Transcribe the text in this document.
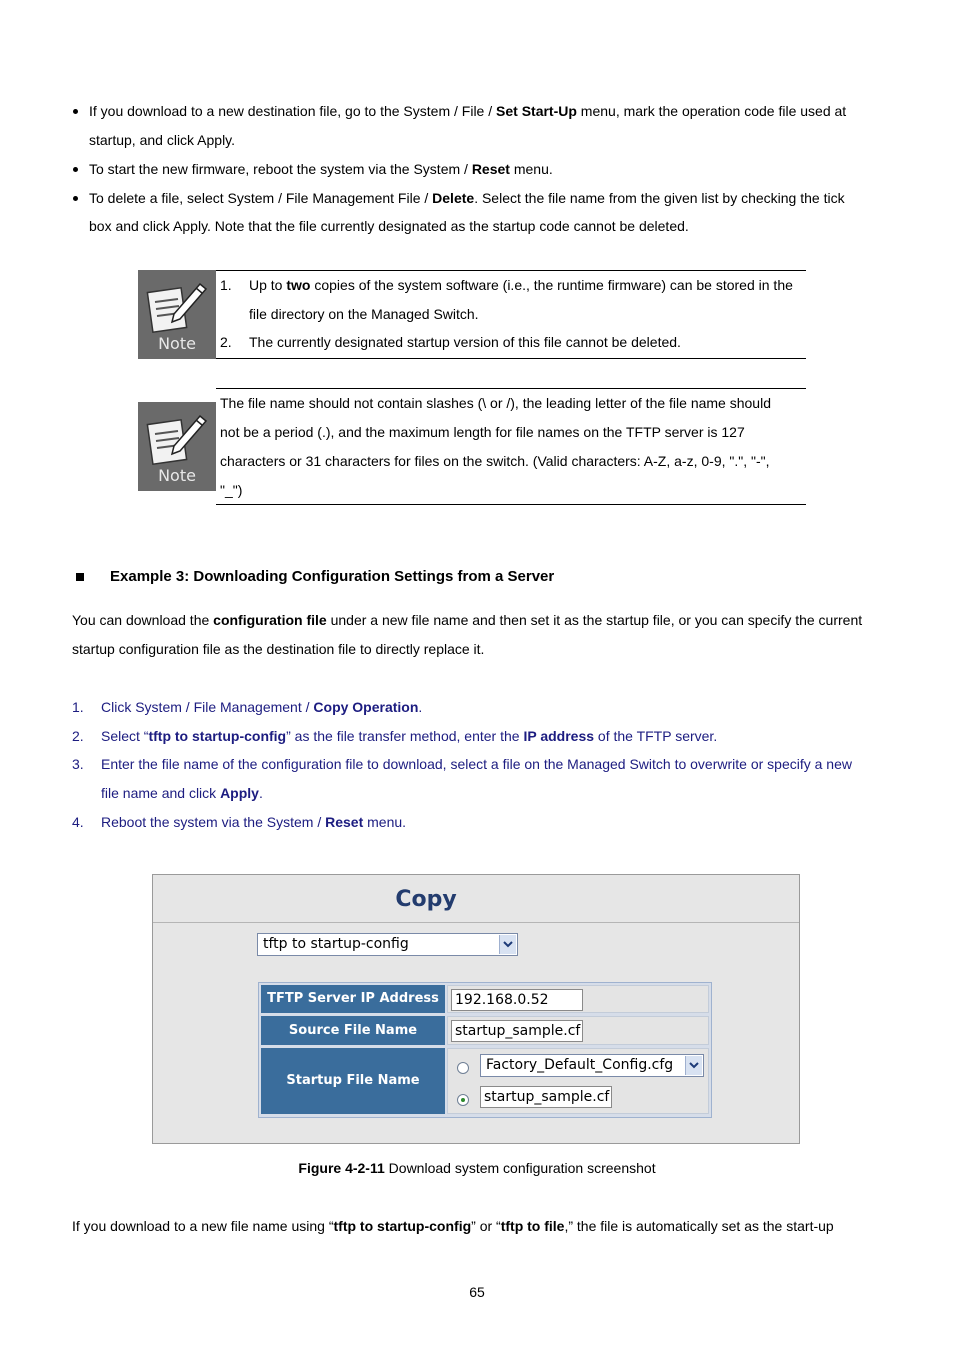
If you download to a new destination file, go to the System / File / Set Start-Up menu, mark the operation code file used at
startup, and click Apply.
To start the new firmware, reboot the system via the System / Reset menu.
To delete a file, select System / File Management File / Delete. Select the file name from the given list by checking the tick
box and click Apply. Note that the file currently designated as the startup code cannot be deleted.
Note
1. Up to two copies of the system software (i.e., the runtime firmware) can be stored in the
file directory on the Managed Switch.
2. The currently designated startup version of this file cannot be deleted.
Note
The file name should not contain slashes (\ or /), the leading letter of the file name should
not be a period (.), and the maximum length for file names on the TFTP server is 127
characters or 31 characters for files on the switch. (Valid characters: A-Z, a-z, 0-9, ".", "-",
"_")
Example 3: Downloading Configuration Settings from a Server
You can download the configuration file under a new file name and then set it as the startup file, or you can specify the current
startup configuration file as the destination file to directly replace it.
1. Click System / File Management / Copy Operation.
2. Select “tftp to startup-config” as the file transfer method, enter the IP address of the TFTP server.
3. Enter the file name of the configuration file to download, select a file on the Managed Switch to overwrite or specify a new
file name and click Apply.
4. Reboot the system via the System / Reset menu.
Copy
tftp to startup-config
TFTP Server IP Address	192.168.0.52
Source File Name	startup_sample.cf
Startup File Name
Factory_Default_Config.cfg
startup_sample.cf
Figure 4-2-11 Download system configuration screenshot
If you download to a new file name using “tftp to startup-config” or “tftp to file,” the file is automatically set as the start-up
65
